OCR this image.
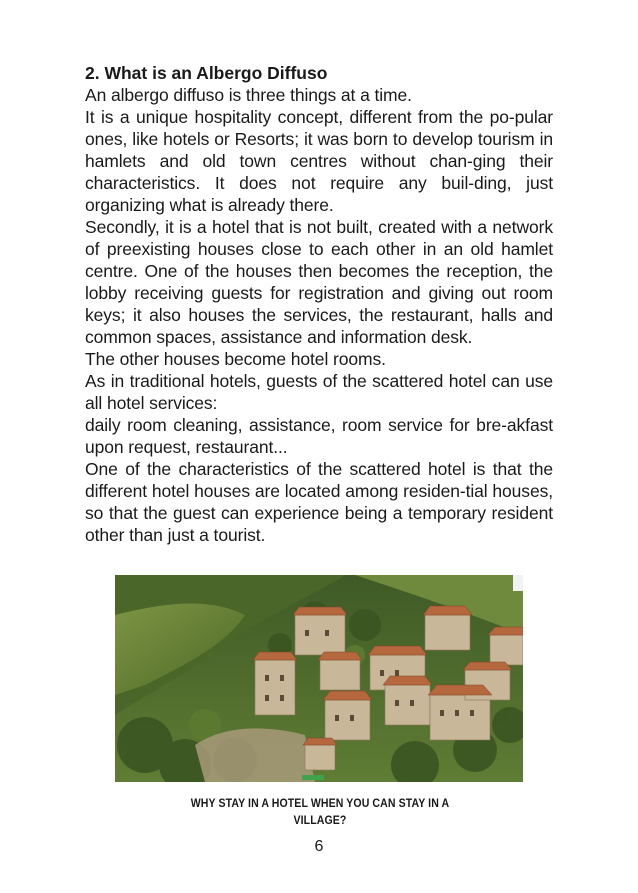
2. What is an Albergo Diffuso

An albergo diffuso is three things at a time.

It is a unique hospitality concept, different from the po-pular ones, like hotels or Resorts; it was born to develop tourism in hamlets and old town centres without chan-ging their characteristics. It does not require any buil-ding, just organizing what is already there.

Secondly, it is a hotel that is not built, created with a network of preexisting houses close to each other in an old hamlet centre. One of the houses then becomes the reception, the lobby receiving guests for registration and giving out room keys; it also houses the services, the restaurant, halls and common spaces, assistance and information desk.

The other houses become hotel rooms.

As in traditional hotels, guests of the scattered hotel can use all hotel services:

daily room cleaning, assistance, room service for bre-akfast upon request, restaurant...

One of the characteristics of the scattered hotel is that the different hotel houses are located among residen-tial houses, so that the guest can experience being a temporary resident other than just a tourist.

WHY STAY IN A HOTEL WHEN YOU CAN STAY IN A
VILLAGE?
6
